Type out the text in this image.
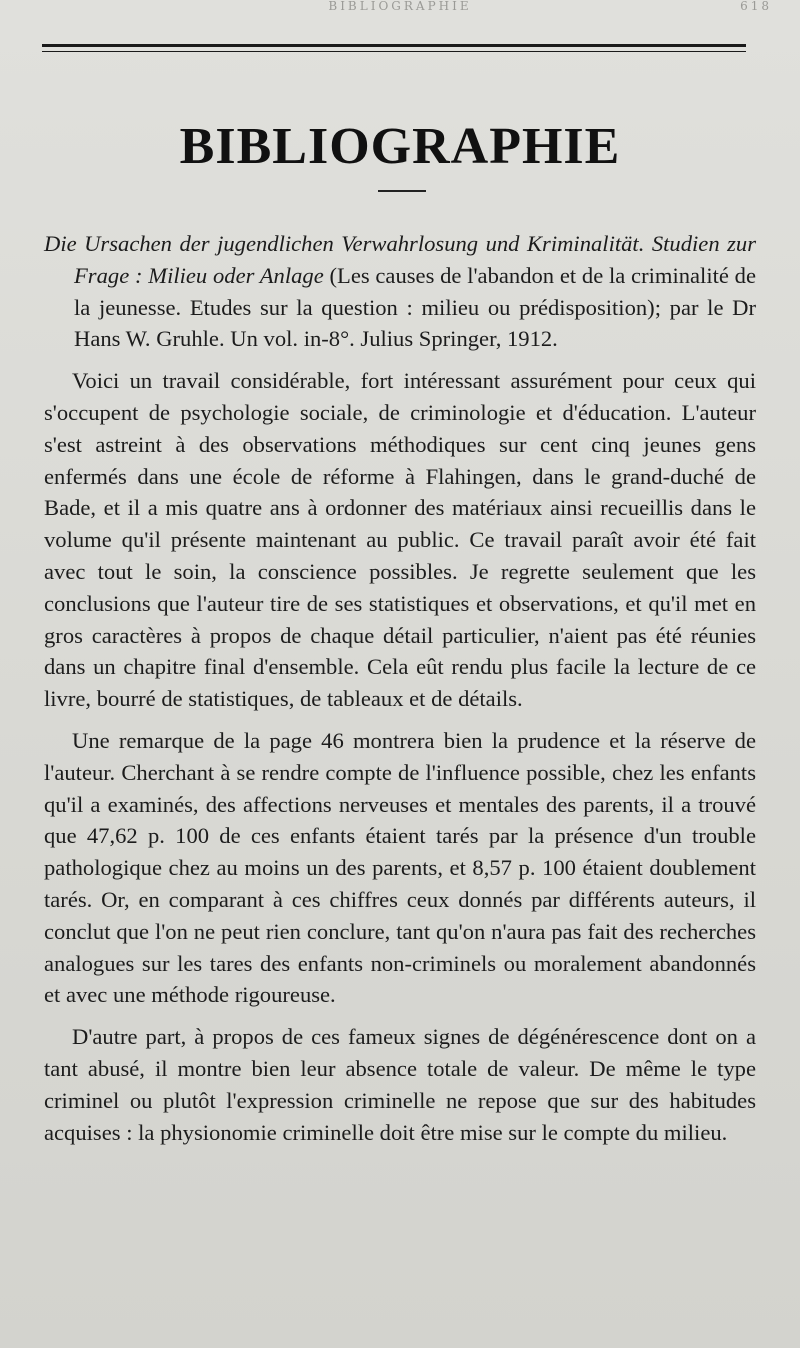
BIBLIOGRAPHIE	618
BIBLIOGRAPHIE

Die Ursachen der jugendlichen Verwahrlosung und Kriminalität. Studien zur Frage : Milieu oder Anlage (Les causes de l'abandon et de la criminalité de la jeunesse. Etudes sur la question : milieu ou prédisposition); par le Dr Hans W. Gruhle. Un vol. in-8°. Julius Springer, 1912.

Voici un travail considérable, fort intéressant assurément pour ceux qui s'occupent de psychologie sociale, de criminologie et d'éducation. L'auteur s'est astreint à des observations méthodiques sur cent cinq jeunes gens enfermés dans une école de réforme à Flahingen, dans le grand-duché de Bade, et il a mis quatre ans à ordonner des matériaux ainsi recueillis dans le volume qu'il présente maintenant au public. Ce travail paraît avoir été fait avec tout le soin, la conscience possibles. Je regrette seulement que les conclusions que l'auteur tire de ses statistiques et observations, et qu'il met en gros caractères à propos de chaque détail particulier, n'aient pas été réunies dans un chapitre final d'ensemble. Cela eût rendu plus facile la lecture de ce livre, bourré de statistiques, de tableaux et de détails.

Une remarque de la page 46 montrera bien la prudence et la réserve de l'auteur. Cherchant à se rendre compte de l'influence possible, chez les enfants qu'il a examinés, des affections nerveuses et mentales des parents, il a trouvé que 47,62 p. 100 de ces enfants étaient tarés par la présence d'un trouble pathologique chez au moins un des parents, et 8,57 p. 100 étaient doublement tarés. Or, en comparant à ces chiffres ceux donnés par différents auteurs, il conclut que l'on ne peut rien conclure, tant qu'on n'aura pas fait des recherches analogues sur les tares des enfants non-criminels ou moralement abandonnés et avec une méthode rigoureuse.

D'autre part, à propos de ces fameux signes de dégénérescence dont on a tant abusé, il montre bien leur absence totale de valeur. De même le type criminel ou plutôt l'expression criminelle ne repose que sur des habitudes acquises : la physionomie criminelle doit être mise sur le compte du milieu.
